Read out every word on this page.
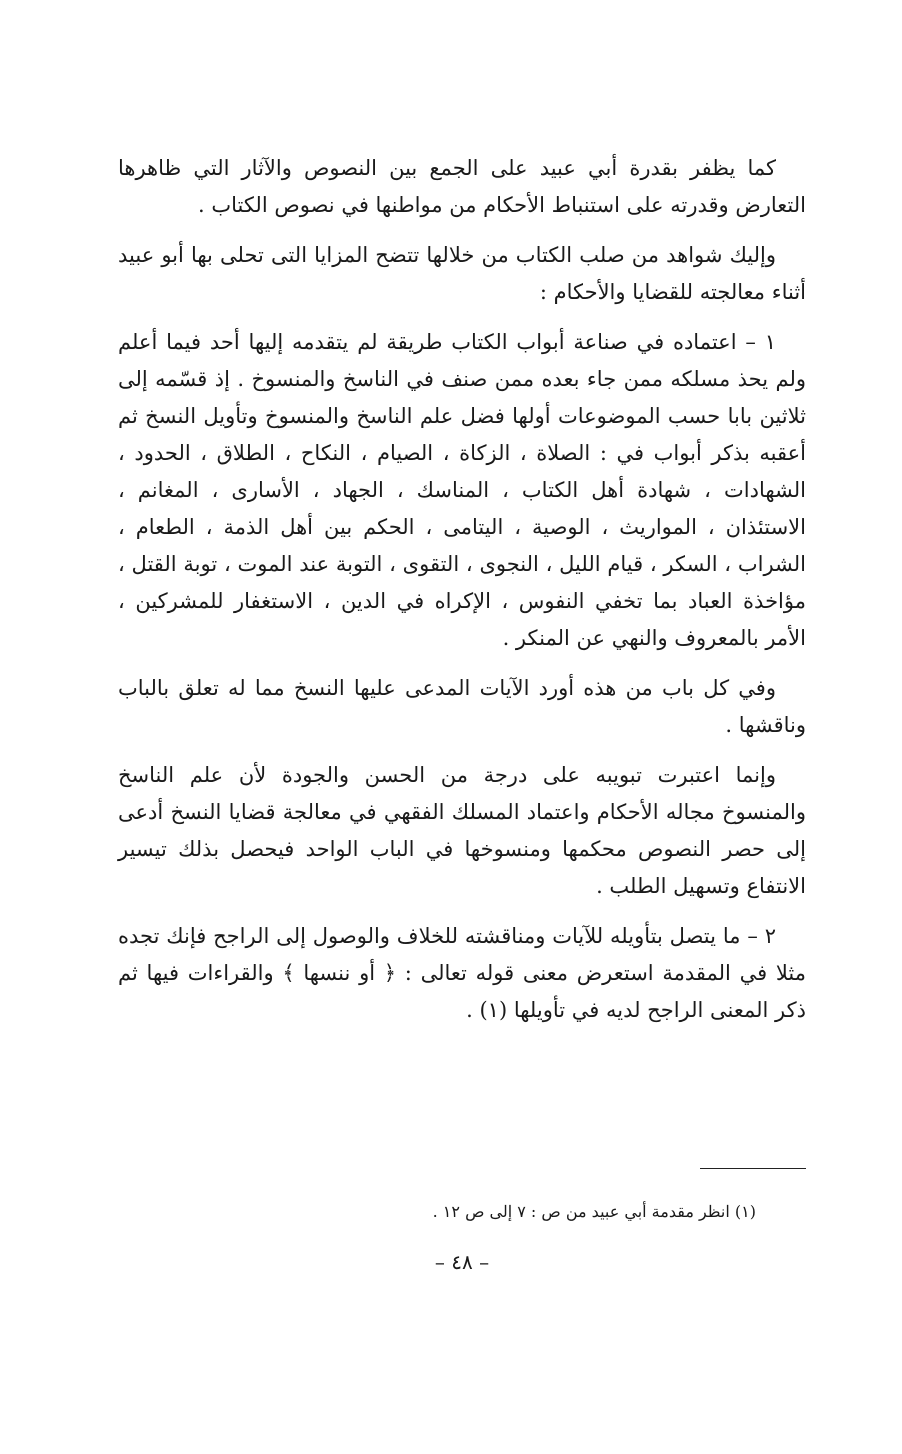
كما يظفر بقدرة أبي عبيد على الجمع بين النصوص والآثار التي ظاهرها التعارض وقدرته على استنباط الأحكام من مواطنها في نصوص الكتاب .

وإليك شواهد من صلب الكتاب من خلالها تتضح المزايا التى تحلى بها أبو عبيد أثناء معالجته للقضايا والأحكام :

١ – اعتماده في صناعة أبواب الكتاب طريقة لم يتقدمه إليها أحد فيما أعلم ولم يحذ مسلكه ممن جاء بعده ممن صنف في الناسخ والمنسوخ . إذ قسّمه إلى ثلاثين بابا حسب الموضوعات أولها فضل علم الناسخ والمنسوخ وتأويل النسخ ثم أعقبه بذكر أبواب في : الصلاة ، الزكاة ، الصيام ، النكاح ، الطلاق ، الحدود ، الشهادات ، شهادة أهل الكتاب ، المناسك ، الجهاد ، الأسارى ، المغانم ، الاستئذان ، المواريث ، الوصية ، اليتامى ، الحكم بين أهل الذمة ، الطعام ، الشراب ، السكر ، قيام الليل ، النجوى ، التقوى ، التوبة عند الموت ، توبة القتل ، مؤاخذة العباد بما تخفي النفوس ، الإكراه في الدين ، الاستغفار للمشركين ، الأمر بالمعروف والنهي عن المنكر .

وفي كل باب من هذه أورد الآيات المدعى عليها النسخ مما له تعلق بالباب وناقشها .

وإنما اعتبرت تبويبه على درجة من الحسن والجودة لأن علم الناسخ والمنسوخ مجاله الأحكام واعتماد المسلك الفقهي في معالجة قضايا النسخ أدعى إلى حصر النصوص محكمها ومنسوخها في الباب الواحد فيحصل بذلك تيسير الانتفاع وتسهيل الطلب .

٢ – ما يتصل بتأويله للآيات ومناقشته للخلاف والوصول إلى الراجح فإنك تجده مثلا في المقدمة استعرض معنى قوله تعالى : ﴿ أو ننسها ﴾ والقراءات فيها ثم ذكر المعنى الراجح لديه في تأويلها (١) .

(١) انظر مقدمة أبي عبيد من ص : ٧ إلى ص ١٢ .
– ٤٨ –
